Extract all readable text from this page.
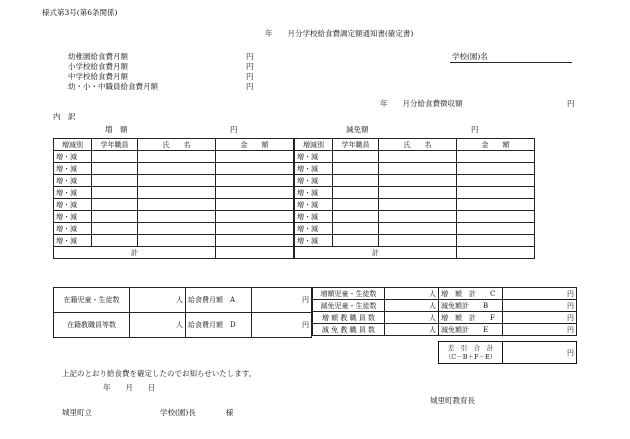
様式第3号(第6条関係)
年　　月分学校給食費調定額通知書(確定書)
学校(園)名
幼稚園給食費月額	円
小学校給食費月額	円
中学校給食費月額	円
幼・小・中職員給食費月額	円
年　　月分給食費徴収額	円
内　訳
増　額	円	減免額	円
増減別	学年職員	氏　　名	金　　額
増・減			
増・減			
増・減			
増・減			
増・減			
増・減			
増・減			
増・減			
計			
増減別	学年職員	氏　　名	金　　額
増・減			
増・減			
増・減			
増・減			
増・減			
増・減			
増・減			
増・減			
計			
在籍児童・生徒数	人	給食費月額　A	円
在籍教職員等数	人	給食費月額　D	円
増額児童・生徒数	人	増　額　計　　C	円
減免児童・生徒数	人	減免額計　　B	円
増 額 教 職 員 数	人	増　額　計　　F	円
減 免 教 職 員 数	人	減免額計　　E	円
差　引　合　計
（C－B＋F－E）	円
上記のとおり給食費を確定したのでお知らせいたします。
年　　月　　日
城里町教育長
城里町立	学校(園)長　　　　様
